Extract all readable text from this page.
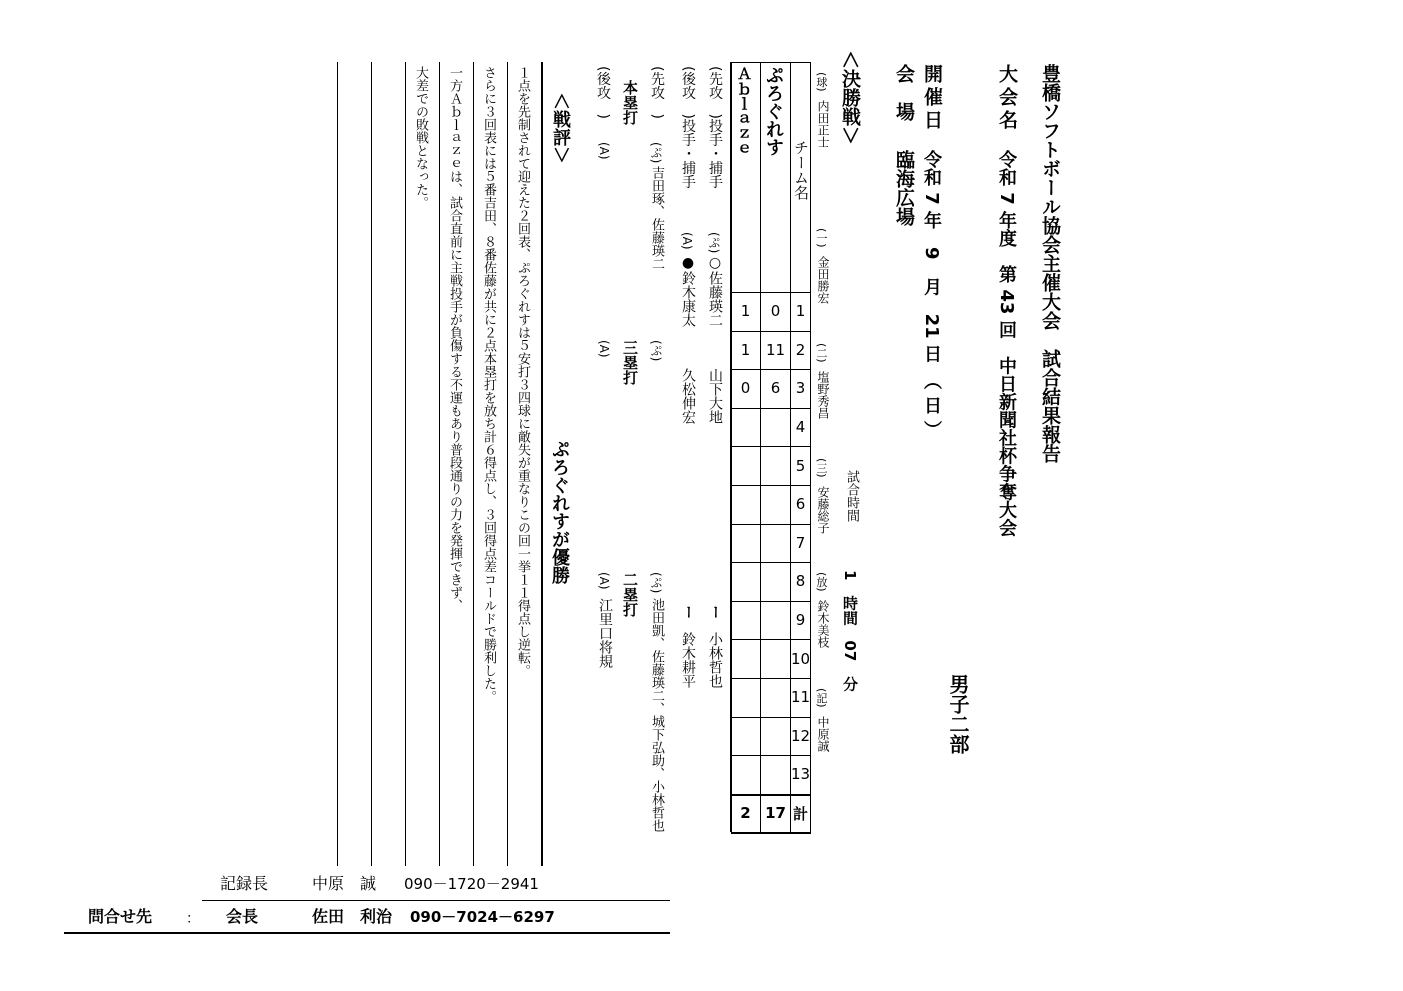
豊橋ソフトボール協会主催大会　試合結果報告
大会名
令和 7 年度　第 43 回　中日新聞社杯争奪大会
開催日
令和 7 年　9　月　21 日　（ 日 ）
会　場
臨海広場
男子二部
＜決勝戦＞
試合時間
1　時間　07　分
(球)
内田正士
(一)
金田勝宏
(二)
塩野秀昌
(三)
安藤総子
(放)
鈴木美枝
(記)
中原誠
チーム名
ぷろぐれす
Ａｂｌａｚｅ
1
0
1
2
11
1
3
6
0
4
5
6
7
8
9
10
11
12
13
計
17
2
(先攻　)投手・捕手
(ぷ)
○佐藤瑛二
山下大地
ー
小林哲也
(後攻　)投手・捕手
(A)
●鈴木康太
久松伸宏
ー
鈴木耕平
(先攻　)
(後攻　) 本塁打
(ぷ)
吉田琢、佐藤瑛二
(A)
(ぷ)
三塁打
(A)
(ぷ)
池田凱、佐藤瑛二、城下弘助、小林哲也
二塁打
(A)
江里口将規
＜戦評＞
ぷろぐれすが優勝
１点を先制されて迎えた２回表、ぷろぐれすは５安打３四球に敵失が重なりこの回一挙１１得点し逆転。
さらに３回表には５番吉田、８番佐藤が共に２点本塁打を放ち計６得点し、３回得点差コールドで勝利した。
一方Ａｂｌａｚｅは、試合直前に主戦投手が負傷する不運もあり普段通りの力を発揮できず、
大差での敗戦となった。
記録長	中原　誠 090－1720－2941
問合せ先 ： 会長	佐田　利治 090－7024－6297
